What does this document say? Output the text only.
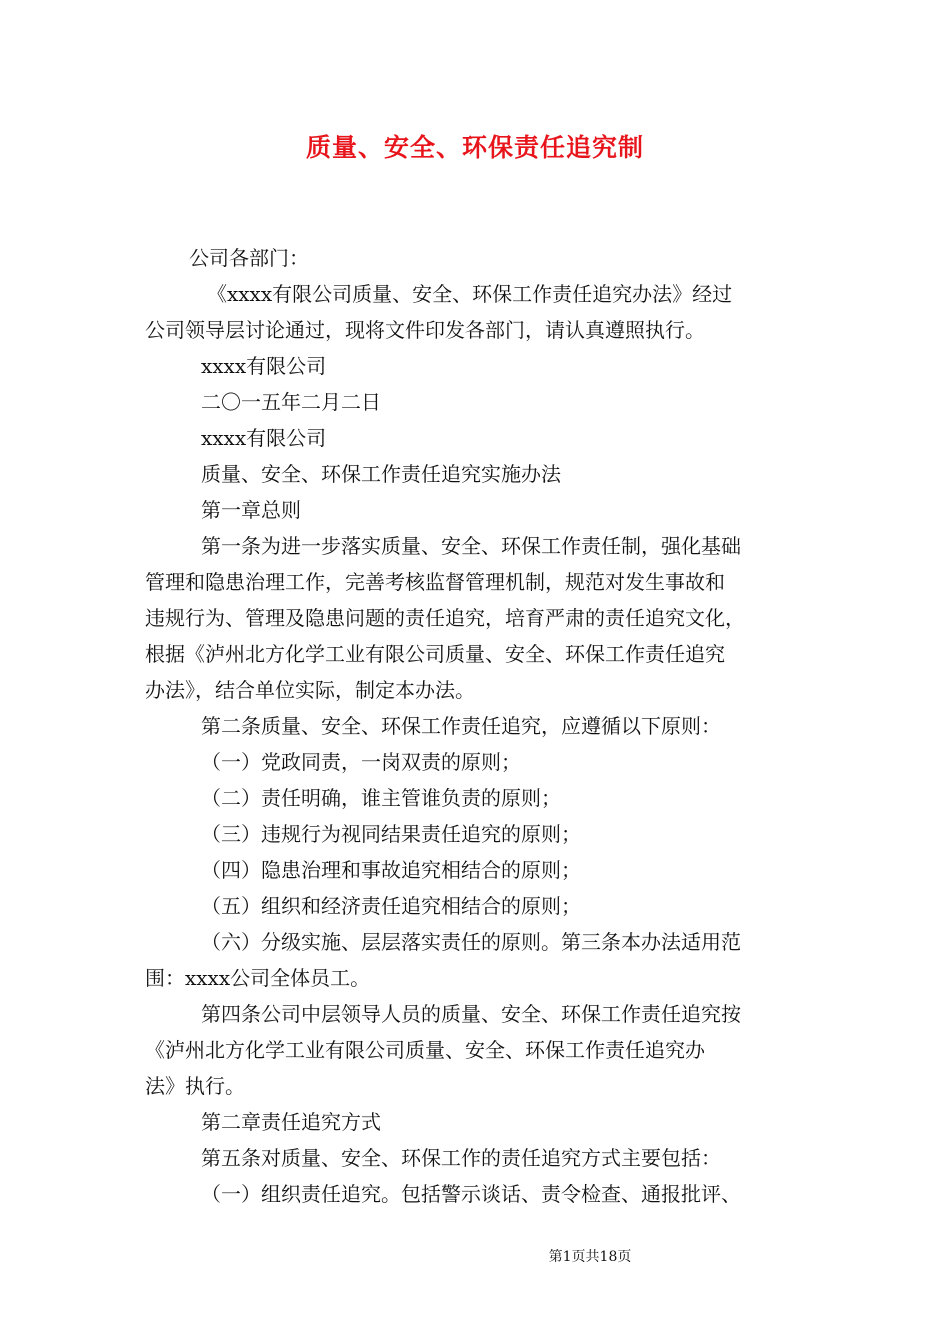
质量、安全、环保责任追究制
公司各部门：
《xxxx有限公司质量、安全、环保工作责任追究办法》经过
公司领导层讨论通过，现将文件印发各部门，请认真遵照执行。
xxxx有限公司
二〇一五年二月二日
xxxx有限公司
质量、安全、环保工作责任追究实施办法
第一章总则
第一条为进一步落实质量、安全、环保工作责任制，强化基础
管理和隐患治理工作，完善考核监督管理机制，规范对发生事故和
违规行为、管理及隐患问题的责任追究，培育严肃的责任追究文化，
根据《泸州北方化学工业有限公司质量、安全、环保工作责任追究
办法》，结合单位实际，制定本办法。
第二条质量、安全、环保工作责任追究，应遵循以下原则：
（一）党政同责，一岗双责的原则；
（二）责任明确，谁主管谁负责的原则；
（三）违规行为视同结果责任追究的原则；
（四）隐患治理和事故追究相结合的原则；
（五）组织和经济责任追究相结合的原则；
（六）分级实施、层层落实责任的原则。第三条本办法适用范
围：xxxx公司全体员工。
第四条公司中层领导人员的质量、安全、环保工作责任追究按
《泸州北方化学工业有限公司质量、安全、环保工作责任追究办
法》执行。
第二章责任追究方式
第五条对质量、安全、环保工作的责任追究方式主要包括：
（一）组织责任追究。包括警示谈话、责令检查、通报批评、
第1页共18页
